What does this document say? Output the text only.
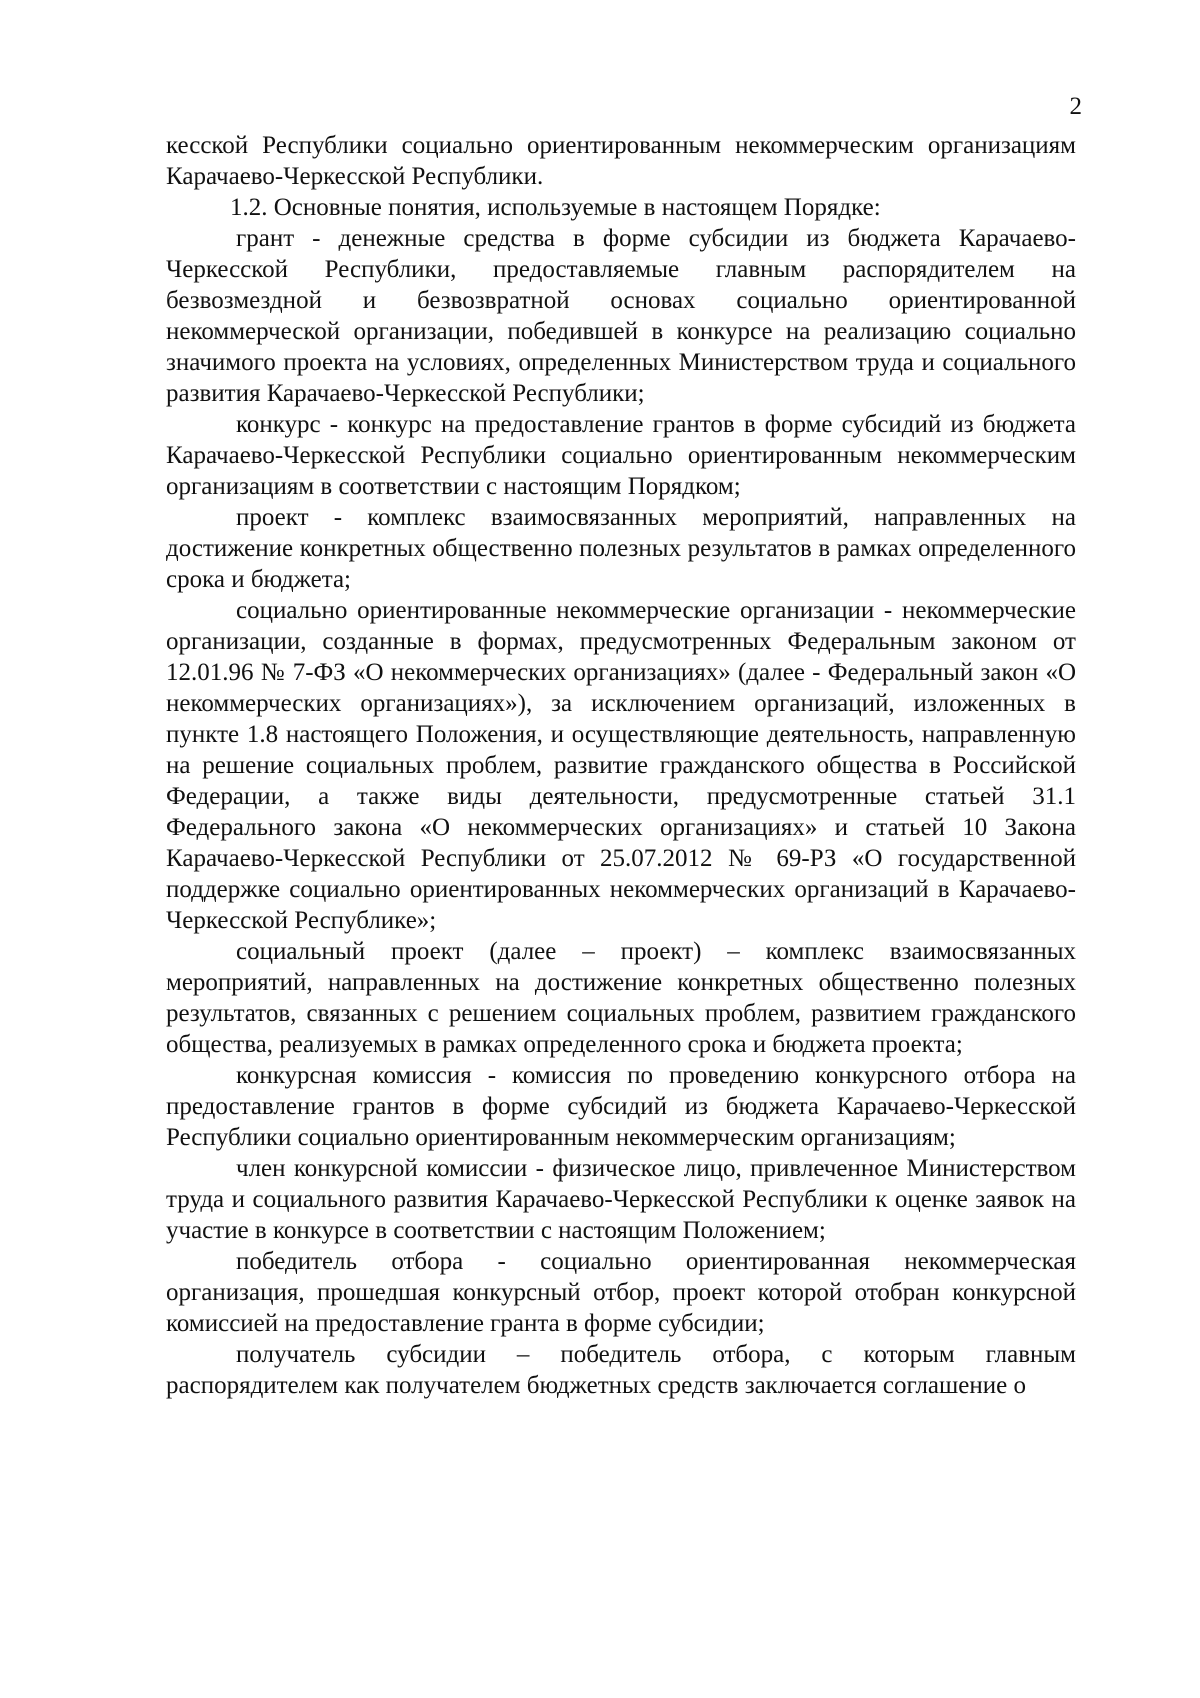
2

кесской Республики социально ориентированным некоммерческим организациям Карачаево-Черкесской Республики.

1.2. Основные понятия, используемые в настоящем Порядке:

грант - денежные средства в форме субсидии из бюджета Карачаево-Черкесской Республики, предоставляемые главным распорядителем на безвозмездной и безвозвратной основах социально ориентированной некоммерческой организации, победившей в конкурсе на реализацию социально значимого проекта на условиях, определенных Министерством труда и социального развития Карачаево-Черкесской Республики;

конкурс - конкурс на предоставление грантов в форме субсидий из бюджета Карачаево-Черкесской Республики социально ориентированным некоммерческим организациям в соответствии с настоящим Порядком;

проект - комплекс взаимосвязанных мероприятий, направленных на достижение конкретных общественно полезных результатов в рамках определенного срока и бюджета;

социально ориентированные некоммерческие организации - некоммерческие организации, созданные в формах, предусмотренных Федеральным законом от 12.01.96 № 7-ФЗ «О некоммерческих организациях» (далее - Федеральный закон «О некоммерческих организациях»), за исключением организаций, изложенных в пункте 1.8 настоящего Положения, и осуществляющие деятельность, направленную на решение социальных проблем, развитие гражданского общества в Российской Федерации, а также виды деятельности, предусмотренные статьей 31.1 Федерального закона «О некоммерческих организациях» и статьей 10 Закона Карачаево-Черкесской Республики от 25.07.2012 № 69-РЗ «О государственной поддержке социально ориентированных некоммерческих организаций в Карачаево-Черкесской Республике»;

социальный проект (далее – проект) – комплекс взаимосвязанных мероприятий, направленных на достижение конкретных общественно полезных результатов, связанных с решением социальных проблем, развитием гражданского общества, реализуемых в рамках определенного срока и бюджета проекта;

конкурсная комиссия - комиссия по проведению конкурсного отбора на предоставление грантов в форме субсидий из бюджета Карачаево-Черкесской Республики социально ориентированным некоммерческим организациям;

член конкурсной комиссии - физическое лицо, привлеченное Министерством труда и социального развития Карачаево-Черкесской Республики к оценке заявок на участие в конкурсе в соответствии с настоящим Положением;

победитель отбора - социально ориентированная некоммерческая организация, прошедшая конкурсный отбор, проект которой отобран конкурсной комиссией на предоставление гранта в форме субсидии;

получатель субсидии – победитель отбора, с которым главным распорядителем как получателем бюджетных средств заключается соглашение о
